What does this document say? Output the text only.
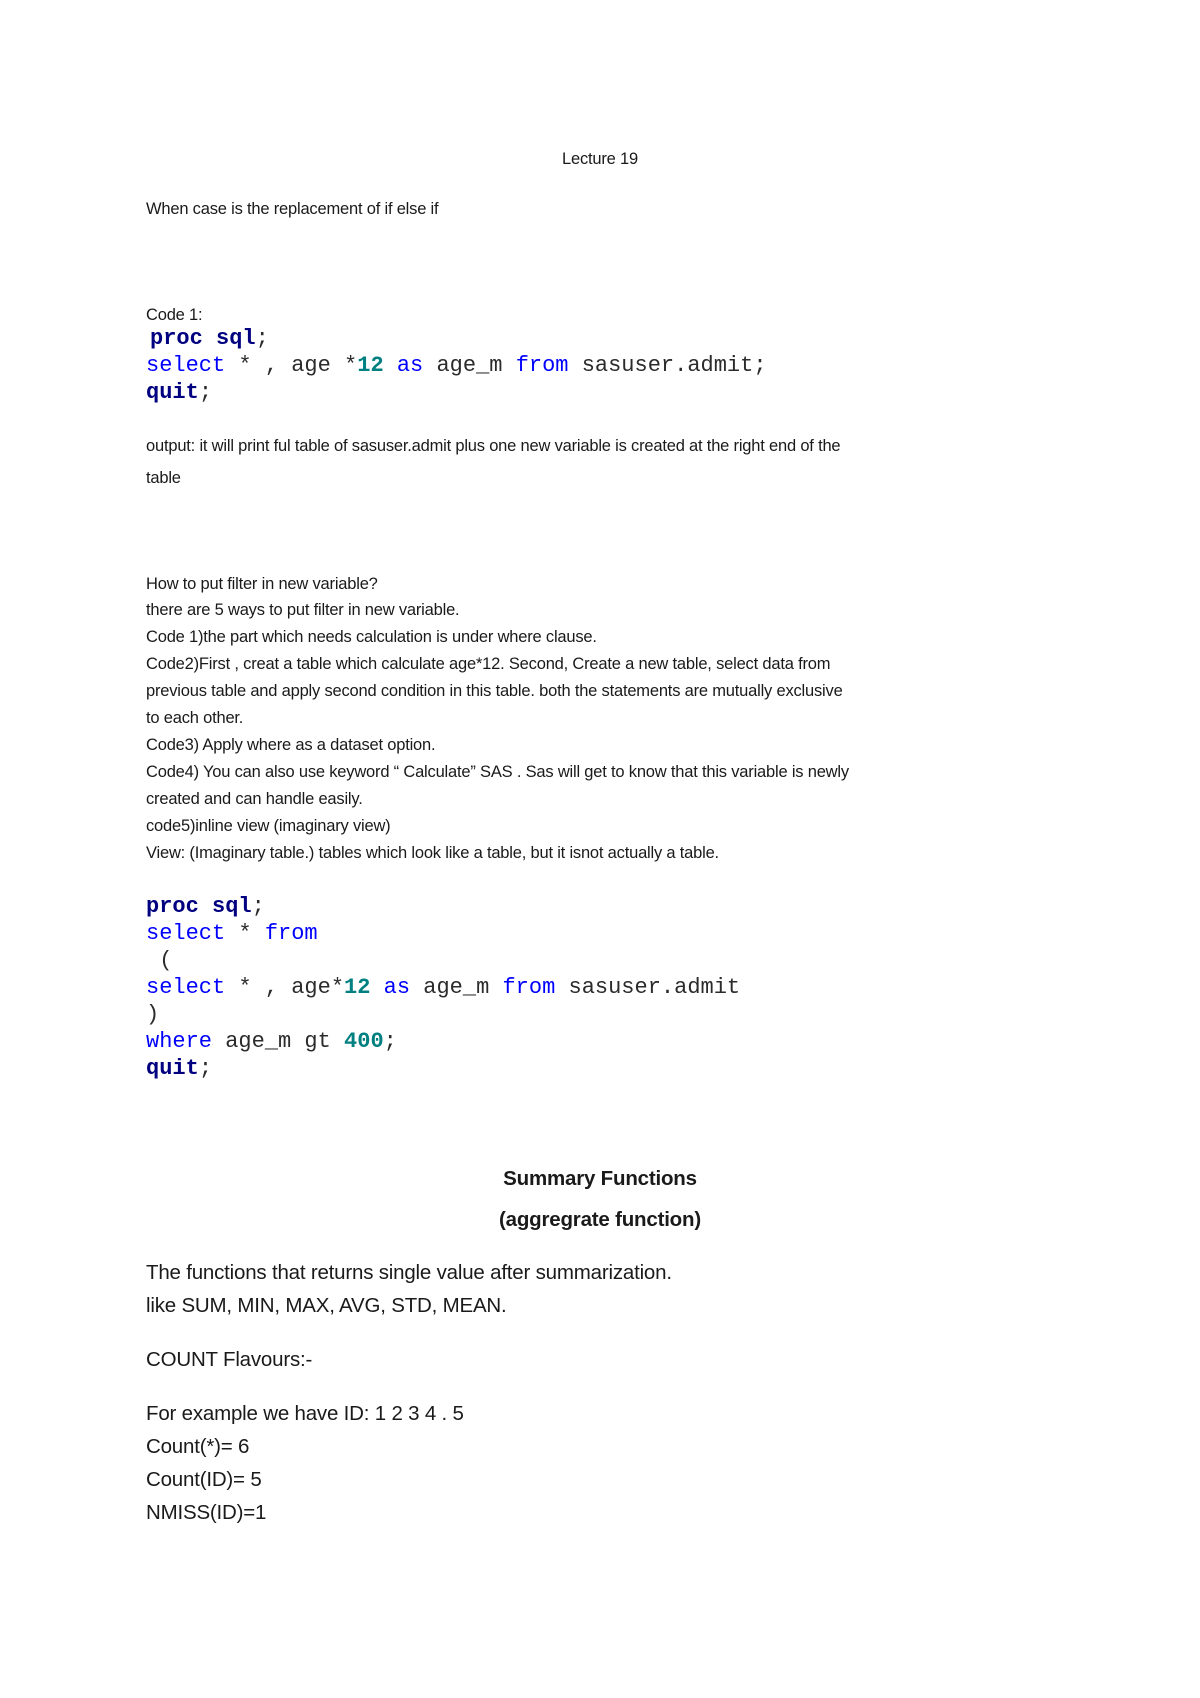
Lecture 19
When case is the replacement of if else if
Code 1:
proc sql;
select * , age *12 as age_m from sasuser.admit;
quit;
output: it will print ful table of sasuser.admit plus one new variable is created at the right end of the
table
How to put filter in new variable?
there are 5 ways to put filter in new variable.
Code 1)the part which needs calculation is under where clause.
Code2)First , creat a table which calculate age*12. Second, Create a new table, select data from
previous table and apply second condition in this table. both the statements are mutually exclusive
to each other.
Code3) Apply where as a dataset option.
Code4) You can also use keyword “ Calculate” SAS . Sas will get to know that this variable is newly
created and can handle easily.
code5)inline view (imaginary view)
View: (Imaginary table.) tables which look like a table, but it isnot actually a table.
proc sql;
select * from
(
select * , age*12 as age_m from sasuser.admit
)
where age_m gt 400;
quit;
Summary Functions
(aggregrate function)
The functions that returns single value after summarization.
like SUM, MIN, MAX, AVG, STD, MEAN.
COUNT Flavours:-
For example we have ID: 1 2 3 4 . 5
Count(*)= 6
Count(ID)= 5
NMISS(ID)=1
